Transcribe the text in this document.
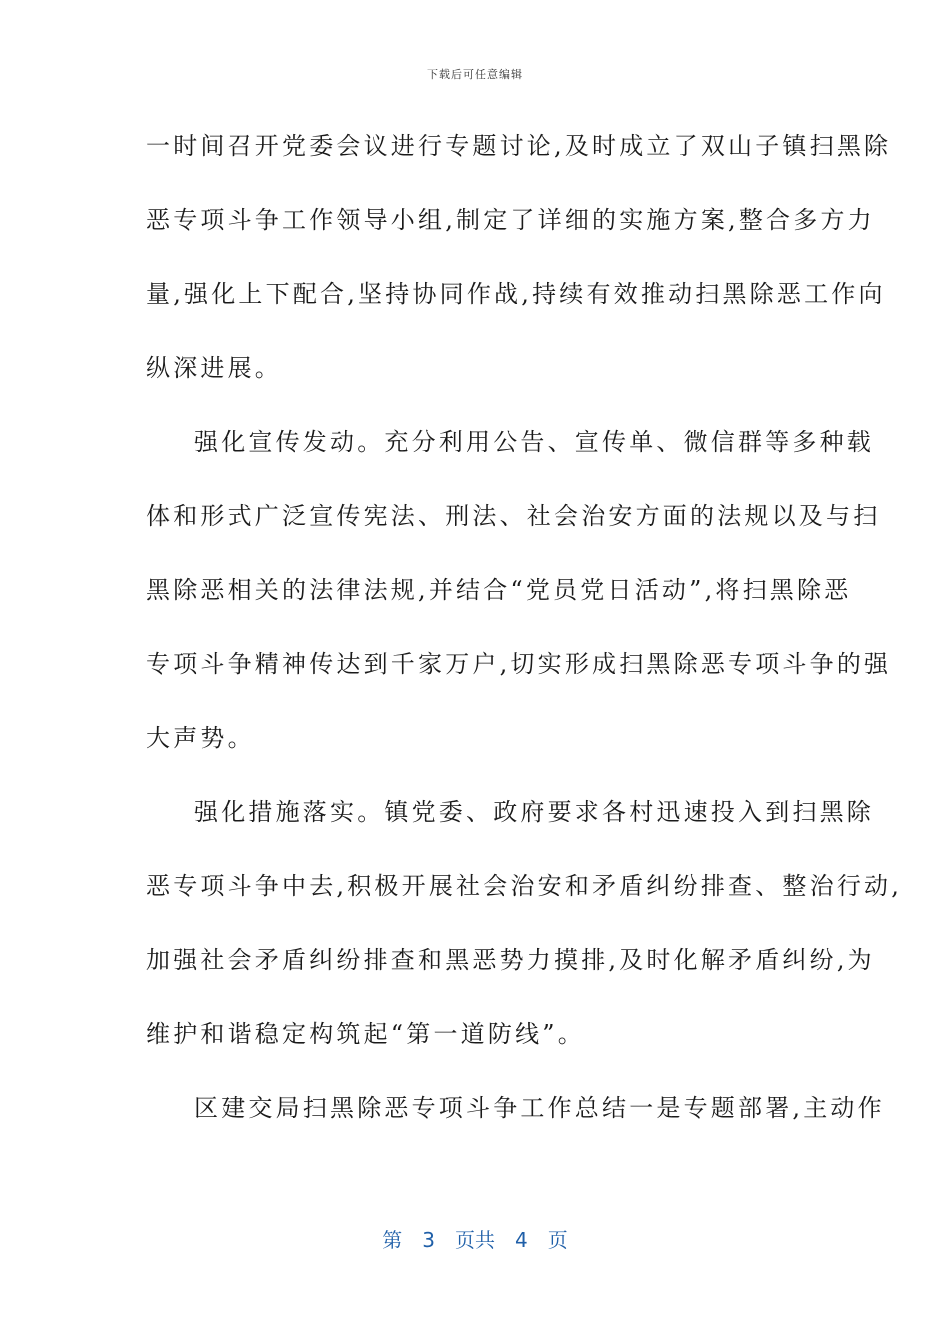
下载后可任意编辑
一时间召开党委会议进行专题讨论,及时成立了双山子镇扫黑除
恶专项斗争工作领导小组,制定了详细的实施方案,整合多方力
量,强化上下配合,坚持协同作战,持续有效推动扫黑除恶工作向
纵深进展。
强化宣传发动。充分利用公告、宣传单、微信群等多种载
体和形式广泛宣传宪法、刑法、社会治安方面的法规以及与扫
黑除恶相关的法律法规,并结合“党员党日活动”,将扫黑除恶
专项斗争精神传达到千家万户,切实形成扫黑除恶专项斗争的强
大声势。
强化措施落实。镇党委、政府要求各村迅速投入到扫黑除
恶专项斗争中去,积极开展社会治安和矛盾纠纷排查、整治行动,
加强社会矛盾纠纷排查和黑恶势力摸排,及时化解矛盾纠纷,为
维护和谐稳定构筑起“第一道防线”。
区建交局扫黑除恶专项斗争工作总结一是专题部署,主动作
第 3 页共 4 页
